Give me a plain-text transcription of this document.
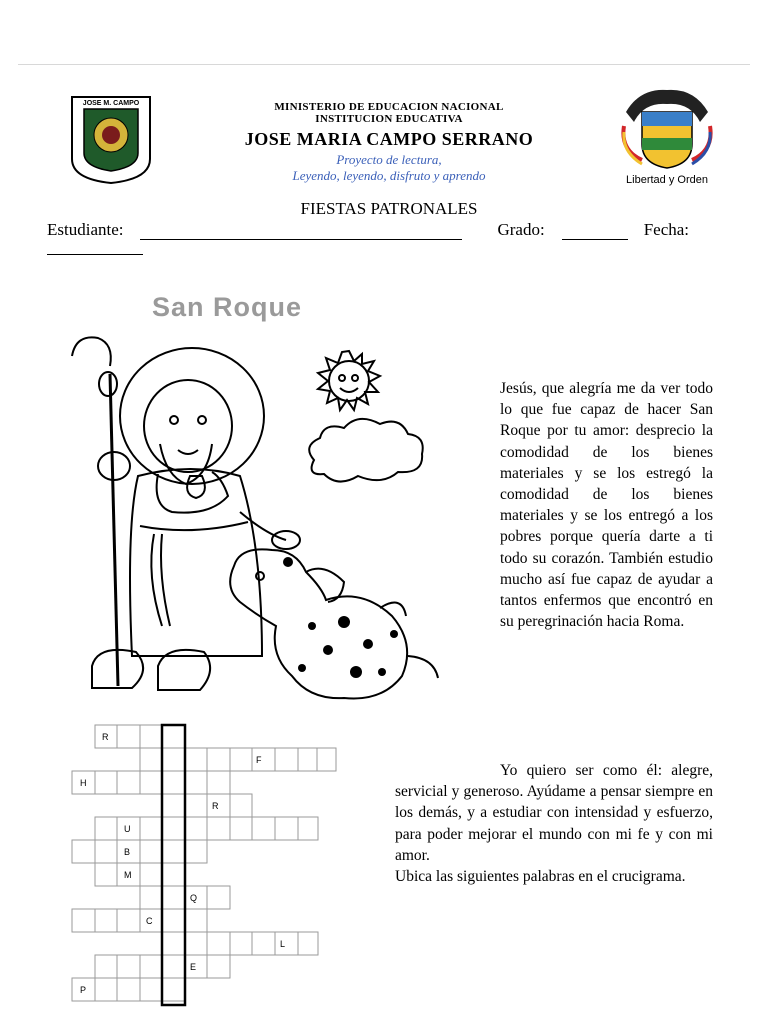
JOSE M. CAMPO	MINISTERIO DE EDUCACION NACIONAL
INSTITUCION EDUCATIVA
JOSE MARIA CAMPO SERRANO
Proyecto de lectura,
Leyendo, leyendo, disfruto y aprendo
FIESTAS PATRONALES
Libertad y Orden
Estudiante:	Grado:	Fecha:
San Roque

Jesús, que alegría me da ver todo lo que fue capaz de hacer San Roque por tu amor: desprecio la comodidad de los bienes materiales y se los estregó la comodidad de los bienes materiales y se los entregó a los pobres porque quería darte a ti todo su corazón. También estudio mucho así fue capaz de ayudar a tantos enfermos que encontró en su peregrinación hacia Roma.

Yo quiero ser como él: alegre, servicial y generoso. Ayúdame a pensar siempre en los demás, y a estudiar con intensidad y esfuerzo, para poder mejorar el mundo con mi fe y con mi amor.

Ubica las siguientes palabras en el crucigrama.

R
F
H
R
U
B
M
Q
C
L
E
P
